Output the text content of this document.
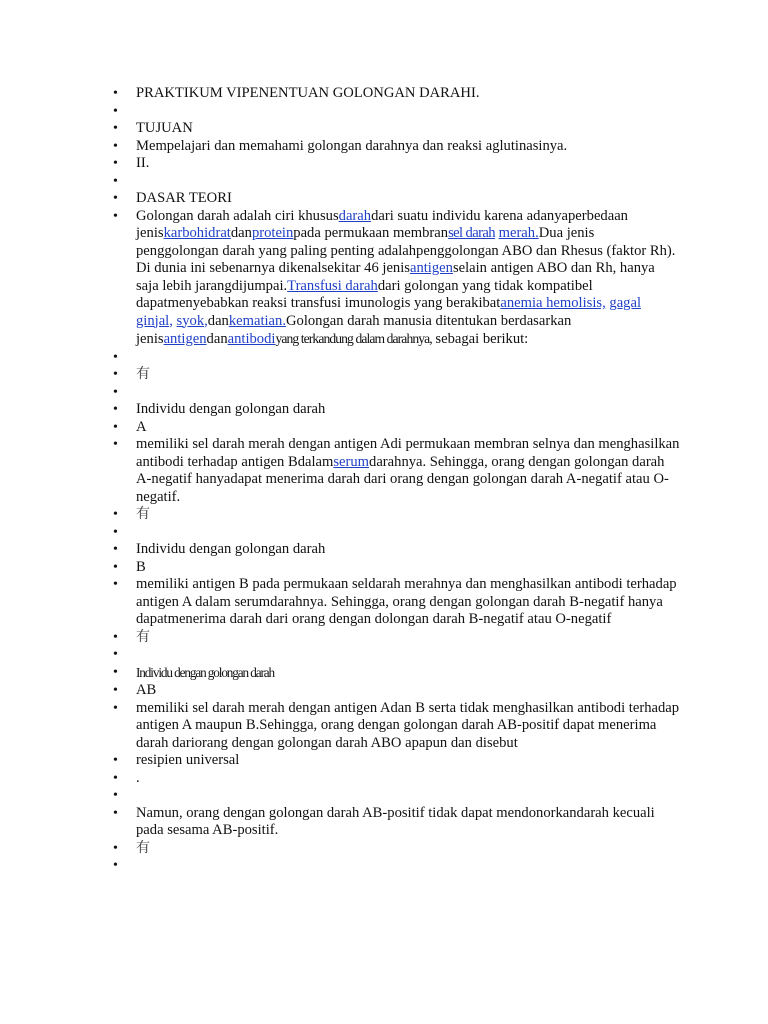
• PRAKTIKUM VIPENENTUAN GOLONGAN DARAHI.
•
• TUJUAN
• Mempelajari dan memahami golongan darahnya dan reaksi aglutinasinya.
• II.
•
• DASAR TEORI
• Golongan darah adalah ciri khususdarahdari suatu individu karena adanyaperbedaan jeniskarbohidratdanproteinpada permukaan membransel darah merah.Dua jenis penggolongan darah yang paling penting adalahpenggolongan ABO dan Rhesus (faktor Rh). Di dunia ini sebenarnya dikenalsekitar 46 jenisantigenselain antigen ABO dan Rh, hanya saja lebih jarangdijumpai.Transfusi darahdari golongan yang tidak kompatibel dapatmenyebabkan reaksi transfusi imunologis yang berakibatanemia hemolisis, gagal ginjal, syok,dankematian.Golongan darah manusia ditentukan berdasarkan jenisantigendanantibodiyang terkandung dalam darahnya, sebagai berikut:
•
• 有
•
• Individu dengan golongan darah
• A
• memiliki sel darah merah dengan antigen Adi permukaan membran selnya dan menghasilkan antibodi terhadap antigen Bdalamserumdarahnya. Sehingga, orang dengan golongan darah A-negatif hanyadapat menerima darah dari orang dengan golongan darah A-negatif atau O-negatif.
• 有
•
• Individu dengan golongan darah
• B
• memiliki antigen B pada permukaan seldarah merahnya dan menghasilkan antibodi terhadap antigen A dalam serumdarahnya. Sehingga, orang dengan golongan darah B-negatif hanya dapatmenerima darah dari orang dengan dolongan darah B-negatif atau O-negatif
• 有
•
• Individu dengan golongan darah
• AB
• memiliki sel darah merah dengan antigen Adan B serta tidak menghasilkan antibodi terhadap antigen A maupun B.Sehingga, orang dengan golongan darah AB-positif dapat menerima darah dariorang dengan golongan darah ABO apapun dan disebut
• resipien universal
• .
•
• Namun, orang dengan golongan darah AB-positif tidak dapat mendonorkandarah kecuali pada sesama AB-positif.
• 有
•
